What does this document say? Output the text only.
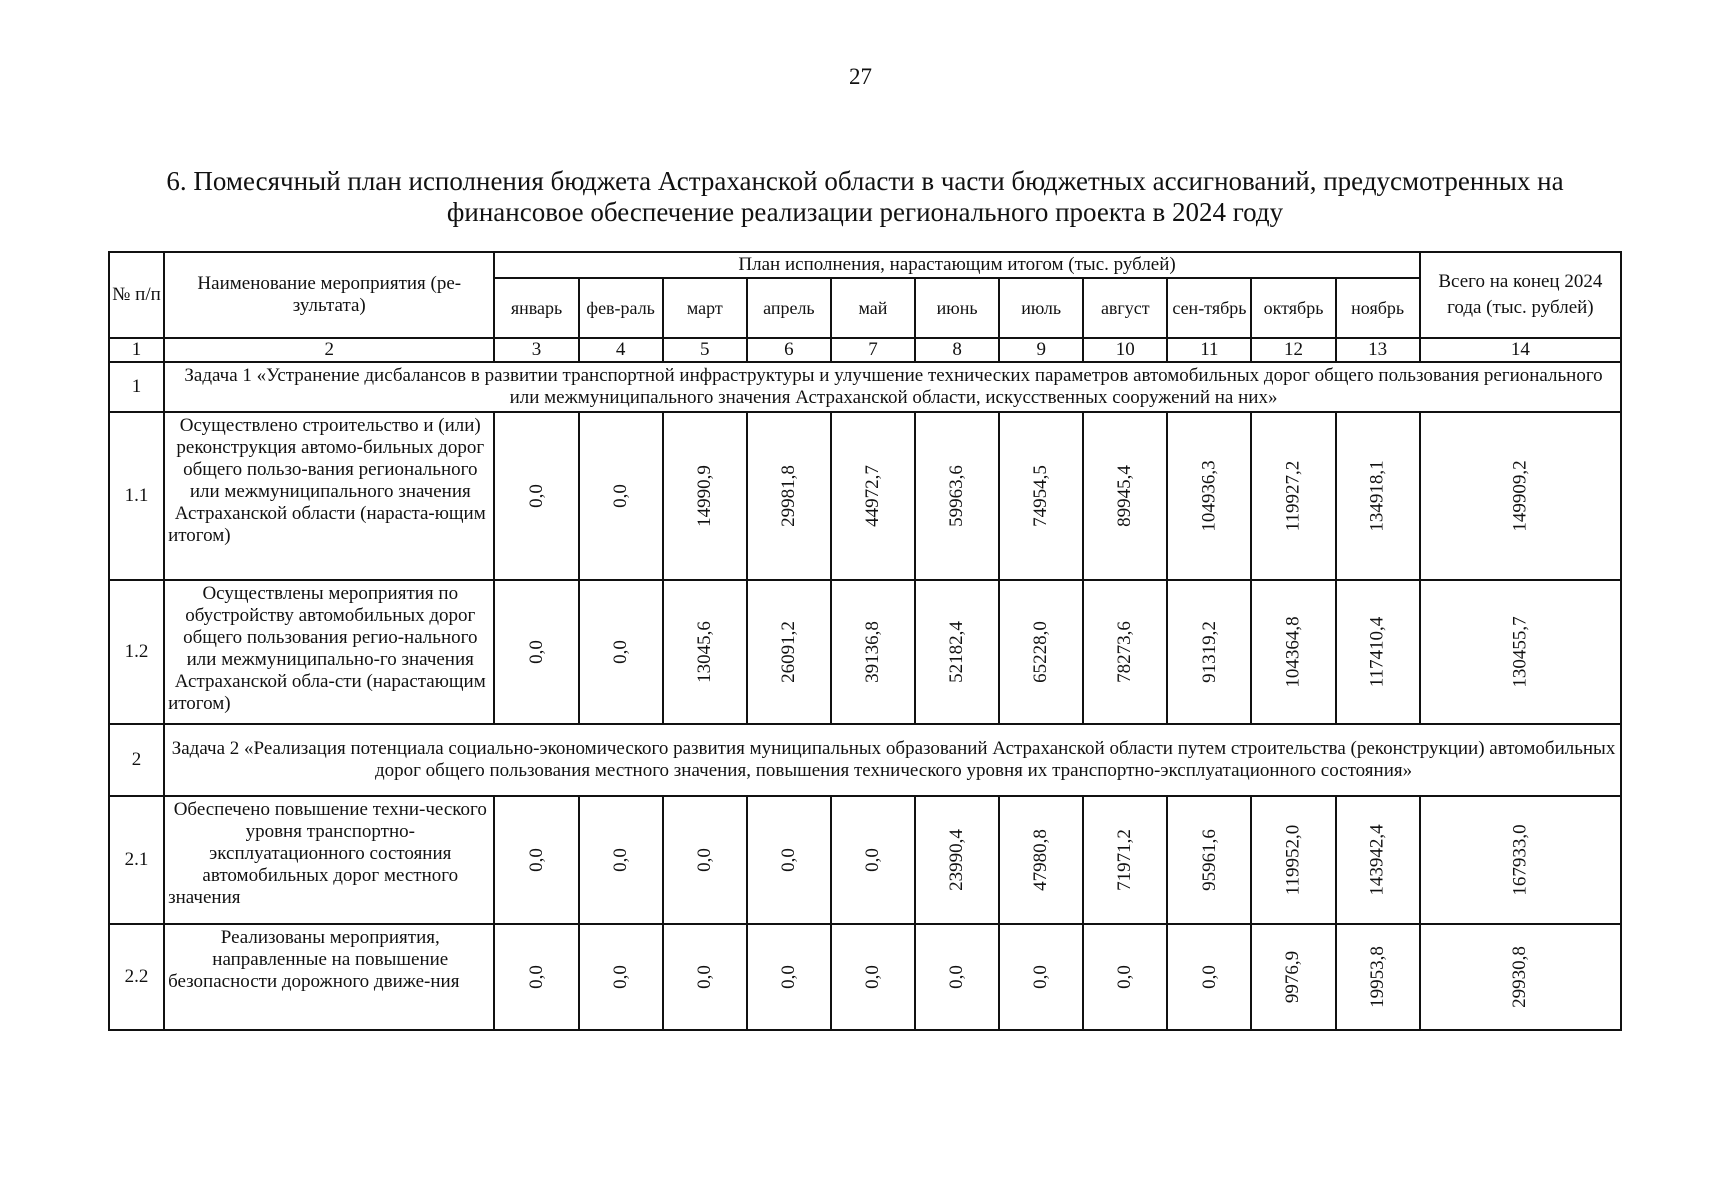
27
6. Помесячный план исполнения бюджета Астраханской области в части бюджетных ассигнований, предусмотренных на
финансовое обеспечение реализации регионального проекта в 2024 году
№ п/п	Наименование мероприятия (ре-зультата)	План исполнения, нарастающим итогом (тыс. рублей)											Всего на конец 2024 года (тыс. рублей)
		январь	фев-раль	март	апрель	май	июнь	июль	август	сен-тябрь	октябрь	ноябрь	
1	2	3	4	5	6	7	8	9	10	11	12	13	14
1	Задача 1 «Устранение дисбалансов в развитии транспортной инфраструктуры и улучшение технических параметров автомобильных дорог общего пользования регионального или межмуниципального значения Астраханской области, искусственных сооружений на них»												
1.1	Осуществлено строительство и (или) реконструкция автомо-бильных дорог общего пользо-вания регионального или межмуниципального значения Астраханской области (нараста-ющим итогом)	0,0	0,0	14990,9	29981,8	44972,7	59963,6	74954,5	89945,4	104936,3	119927,2	134918,1	149909,2
1.2	Осуществлены мероприятия по обустройству автомобильных дорог общего пользования регио-нального или межмуниципально-го значения Астраханской обла-сти (нарастающим итогом)	0,0	0,0	13045,6	26091,2	39136,8	52182,4	65228,0	78273,6	91319,2	104364,8	117410,4	130455,7
2	Задача 2 «Реализация потенциала социально-экономического развития муниципальных образований Астраханской области путем строительства (реконструкции) автомобильных дорог общего пользования местного значения, повышения технического уровня их транспортно-эксплуатационного состояния»												
2.1	Обеспечено повышение техни-ческого уровня транспортно-эксплуатационного состояния автомобильных дорог местного значения	0,0	0,0	0,0	0,0	0,0	23990,4	47980,8	71971,2	95961,6	119952,0	143942,4	167933,0
2.2	Реализованы мероприятия, направленные на повышение безопасности дорожного движе-ния	0,0	0,0	0,0	0,0	0,0	0,0	0,0	0,0	0,0	9976,9	19953,8	29930,8
